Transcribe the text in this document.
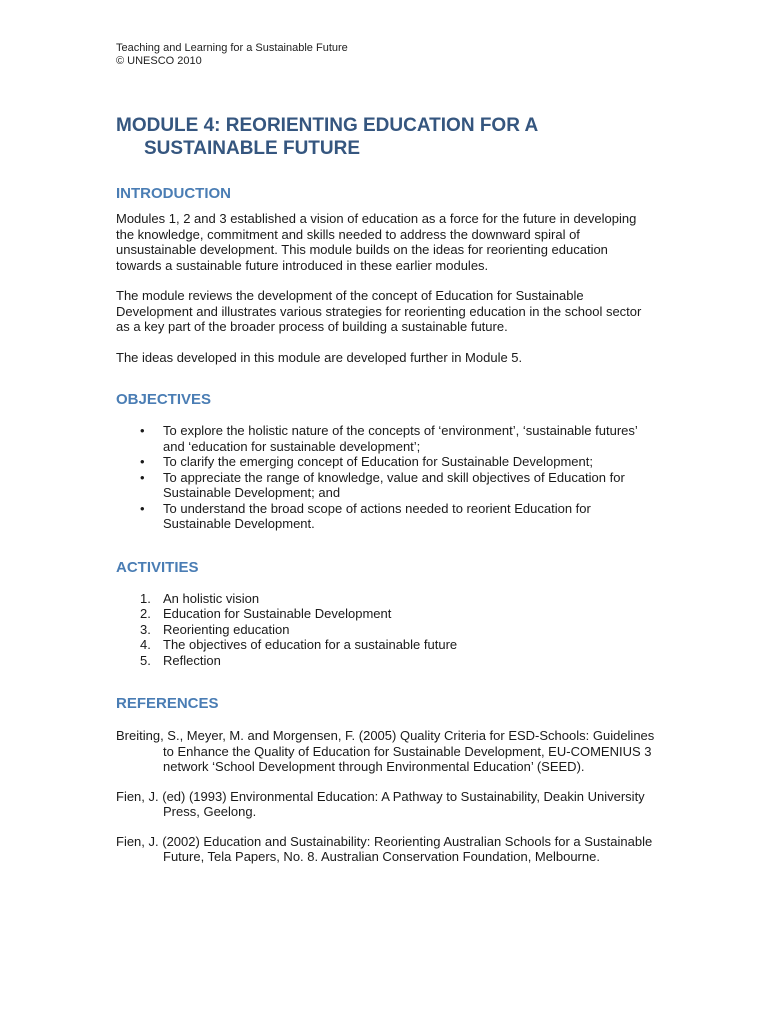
Teaching and Learning for a Sustainable Future
© UNESCO 2010
MODULE 4: REORIENTING EDUCATION FOR A SUSTAINABLE FUTURE
INTRODUCTION

Modules 1, 2 and 3 established a vision of education as a force for the future in developing the knowledge, commitment and skills needed to address the downward spiral of unsustainable development. This module builds on the ideas for reorienting education towards a sustainable future introduced in these earlier modules.

The module reviews the development of the concept of Education for Sustainable Development and illustrates various strategies for reorienting education in the school sector as a key part of the broader process of building a sustainable future.

The ideas developed in this module are developed further in Module 5.

OBJECTIVES
• To explore the holistic nature of the concepts of ‘environment’, ‘sustainable futures’ and ‘education for sustainable development’;
• To clarify the emerging concept of Education for Sustainable Development;
• To appreciate the range of knowledge, value and skill objectives of Education for Sustainable Development; and
• To understand the broad scope of actions needed to reorient Education for Sustainable Development.
ACTIVITIES
1. An holistic vision
2. Education for Sustainable Development
3. Reorienting education
4. The objectives of education for a sustainable future
5. Reflection
REFERENCES

Breiting, S., Meyer, M. and Morgensen, F. (2005) Quality Criteria for ESD-Schools: Guidelines to Enhance the Quality of Education for Sustainable Development, EU-COMENIUS 3 network ‘School Development through Environmental Education’ (SEED).

Fien, J. (ed) (1993) Environmental Education: A Pathway to Sustainability, Deakin University Press, Geelong.

Fien, J. (2002) Education and Sustainability: Reorienting Australian Schools for a Sustainable Future, Tela Papers, No. 8. Australian Conservation Foundation, Melbourne.
